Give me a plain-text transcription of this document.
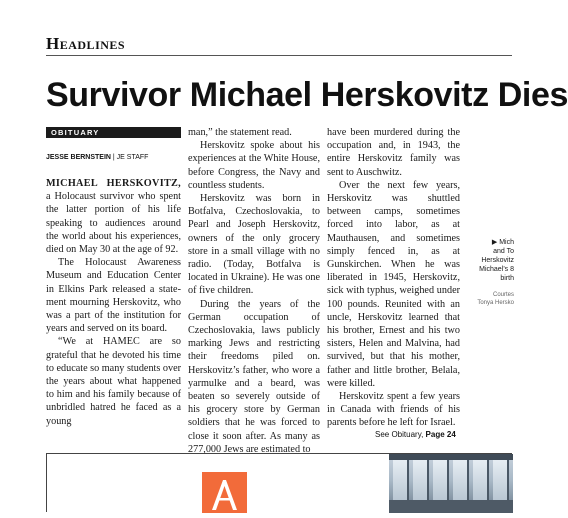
Headlines
Survivor Michael Herskovitz Dies
OBITUARY
JESSE BERNSTEIN | JE STAFF

MICHAEL HERSKOVITZ, a Holocaust survivor who spent the latter portion of his life speaking to audiences around the world about his experiences, died on May 30 at the age of 92.

The Holocaust Awareness Museum and Education Center in Elkins Park released a statement mourning Herskovitz, who was a part of the institution for years and served on its board.

“We at HAMEC are so grateful that he devoted his time to educate so many students over the years about what happened to him and his family because of unbridled hatred he faced as a young

man,” the statement read.

Herskovitz spoke about his experiences at the White House, before Congress, the Navy and countless students.

Herskovitz was born in Botfalva, Czechoslovakia, to Pearl and Joseph Herskovitz, owners of the only grocery store in a small village with no radio. (Today, Botfalva is located in Ukraine). He was one of five children.

During the years of the German occupation of Czechoslovakia, laws publicly marking Jews and restricting their freedoms piled on. Herskovitz’s father, who wore a yarmulke and a beard, was beaten so severely outside of his grocery store by German soldiers that he was forced to close it soon after. As many as 277,000 Jews are estimated to

have been murdered during the occupation and, in 1943, the entire Herskovitz family was sent to Auschwitz.

Over the next few years, Herskovitz was shuttled between camps, sometimes forced into labor, as at Mauthausen, and sometimes simply fenced in, as at Gunskirchen. When he was liberated in 1945, Herskovitz, sick with typhus, weighed under 100 pounds. Reunited with an uncle, Herskovitz learned that his brother, Ernest and his two sisters, Helen and Malvina, had survived, but that his mother, father and little brother, Belala, were killed.

Herskovitz spent a few years in Canada with friends of his parents before he left for Israel.

See Obituary, Page 24
▶ Mich
and To
Herskovitz
Michael’s 8
birth
Courtes
Tonya Hersko
